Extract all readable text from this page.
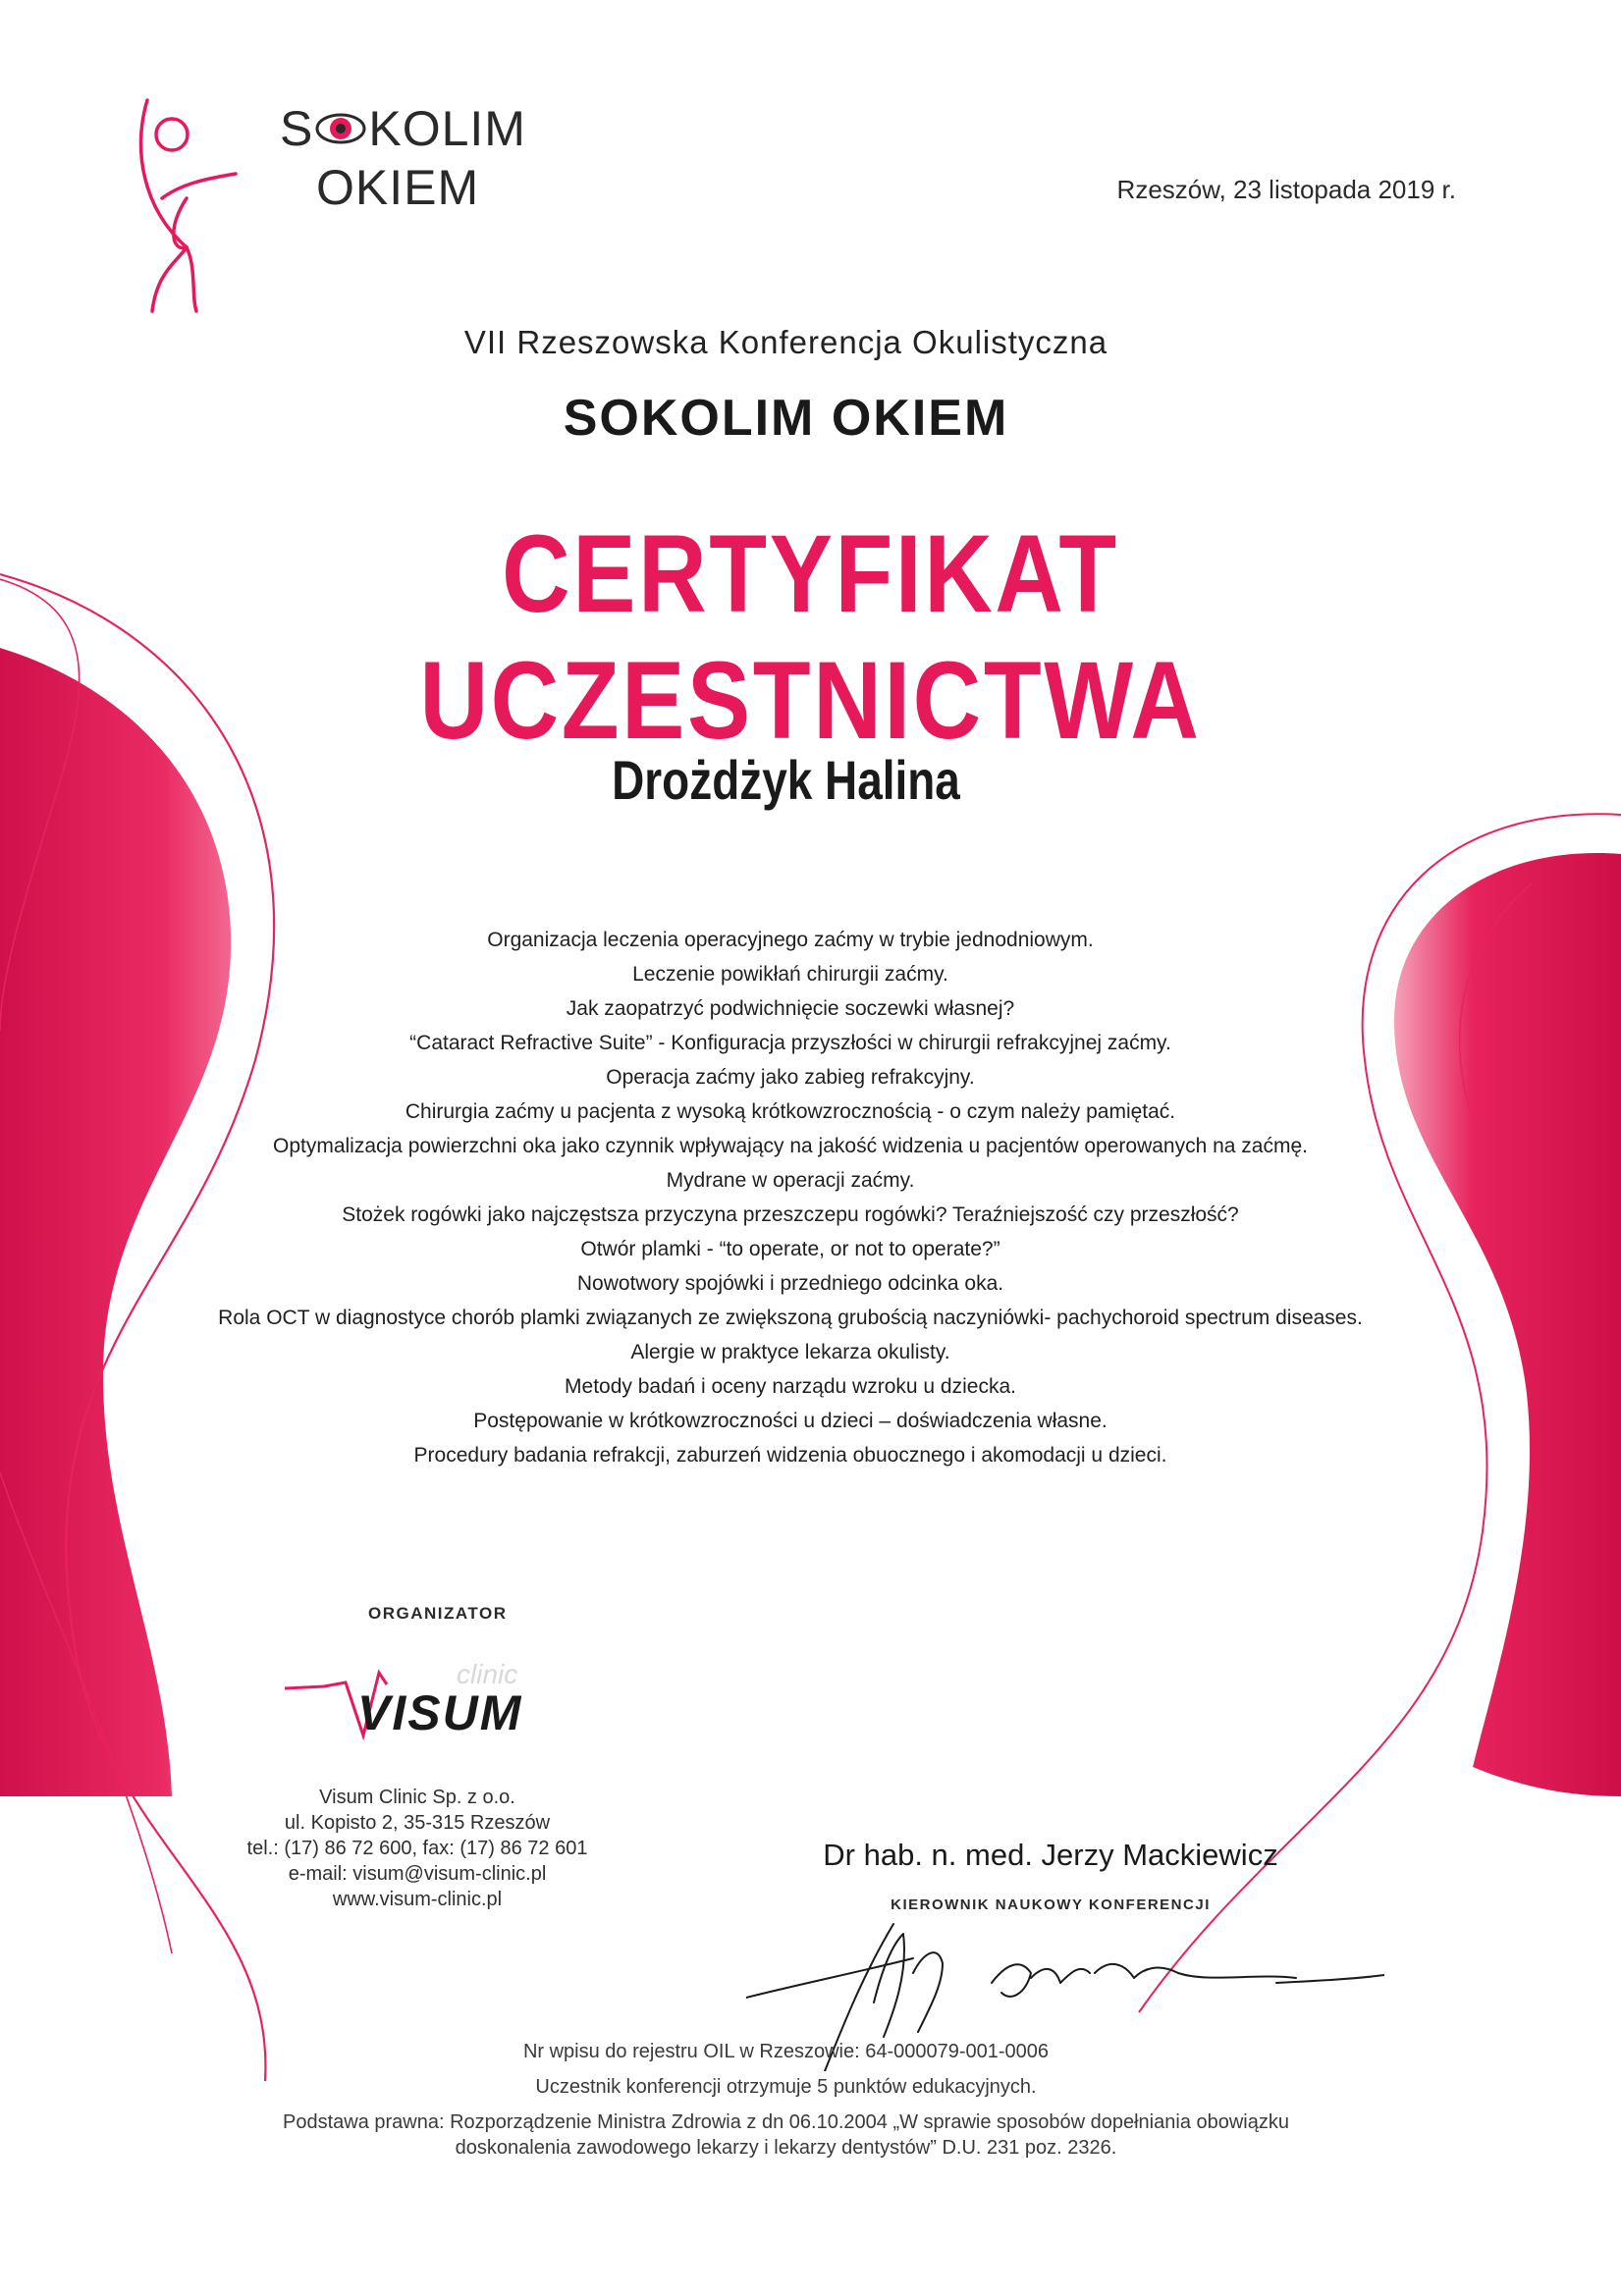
S KOLIM
OKIEM	Rzeszów, 23 listopada 2019 r.
VII Rzeszowska Konferencja Okulistyczna
SOKOLIM OKIEM
CERTYFIKAT UCZESTNICTWA
Drożdżyk Halina
Organizacja leczenia operacyjnego zaćmy w trybie jednodniowym.
Leczenie powikłań chirurgii zaćmy.
Jak zaopatrzyć podwichnięcie soczewki własnej?
“Cataract Refractive Suite” - Konfiguracja przyszłości w chirurgii refrakcyjnej zaćmy.
Operacja zaćmy jako zabieg refrakcyjny.
Chirurgia zaćmy u pacjenta z wysoką krótkowzrocznością - o czym należy pamiętać.
Optymalizacja powierzchni oka jako czynnik wpływający na jakość widzenia u pacjentów operowanych na zaćmę.
Mydrane w operacji zaćmy.
Stożek rogówki jako najczęstsza przyczyna przeszczepu rogówki? Teraźniejszość czy przeszłość?
Otwór plamki - “to operate, or not to operate?”
Nowotwory spojówki i przedniego odcinka oka.
Rola OCT w diagnostyce chorób plamki związanych ze zwiększoną grubością naczyniówki- pachychoroid spectrum diseases.
Alergie w praktyce lekarza okulisty.
Metody badań i oceny narządu wzroku u dziecka.
Postępowanie w krótkowzroczności u dzieci – doświadczenia własne.
Procedury badania refrakcji, zaburzeń widzenia obuocznego i akomodacji u dzieci.
ORGANIZATOR
clinic
VISUM
Visum Clinic Sp. z o.o.
ul. Kopisto 2, 35-315 Rzeszów
tel.: (17) 86 72 600, fax: (17) 86 72 601
e-mail: visum@visum-clinic.pl
www.visum-clinic.pl
Dr hab. n. med. Jerzy Mackiewicz
KIEROWNIK NAUKOWY KONFERENCJI
Nr wpisu do rejestru OIL w Rzeszowie: 64-000079-001-0006
Uczestnik konferencji otrzymuje 5 punktów edukacyjnych.
Podstawa prawna: Rozporządzenie Ministra Zdrowia z dn 06.10.2004 „W sprawie sposobów dopełniania obowiązku
doskonalenia zawodowego lekarzy i lekarzy dentystów” D.U. 231 poz. 2326.
